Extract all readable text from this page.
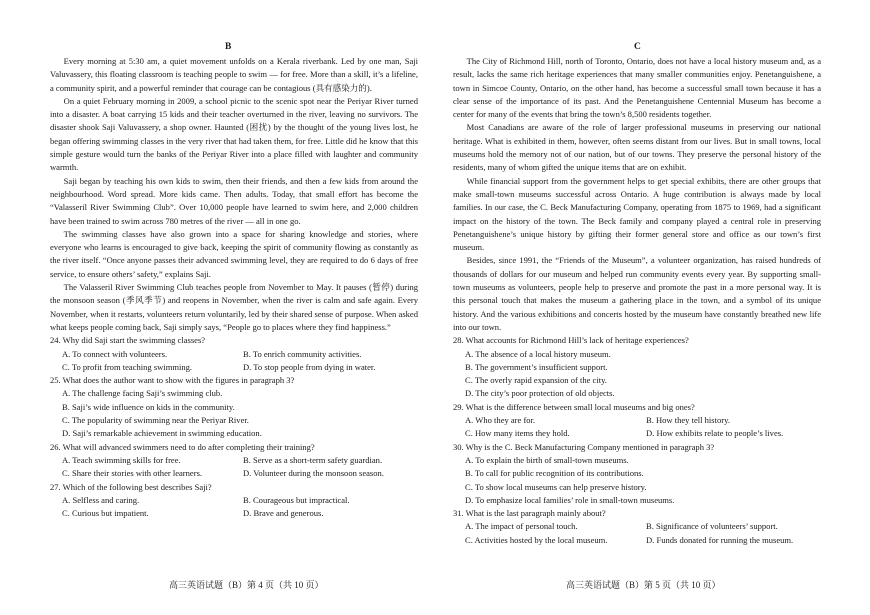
B	C

Every morning at 5:30 am, a quiet movement unfolds on a Kerala riverbank. Led by one man, Saji Valuvassery, this floating classroom is teaching people to swim — for free. More than a skill, it’s a lifeline, a community spirit, and a powerful reminder that courage can be contagious (具有感染力的).

On a quiet February morning in 2009, a school picnic to the scenic spot near the Periyar River turned into a disaster. A boat carrying 15 kids and their teacher overturned in the river, leaving no survivors. The disaster shook Saji Valuvassery, a shop owner. Haunted (困扰) by the thought of the young lives lost, he began offering swimming classes in the very river that had taken them, for free. Little did he know that this simple gesture would turn the banks of the Periyar River into a place filled with laughter and community warmth.

Saji began by teaching his own kids to swim, then their friends, and then a few kids from around the neighbourhood. Word spread. More kids came. Then adults. Today, that small effort has become the “Valasseril River Swimming Club”. Over 10,000 people have learned to swim here, and 2,000 children have been trained to swim across 780 metres of the river — all in one go.

The swimming classes have also grown into a space for sharing knowledge and stories, where everyone who learns is encouraged to give back, keeping the spirit of community flowing as constantly as the river itself. “Once anyone passes their advanced swimming level, they are required to do 6 days of free service, to ensure others’ safety,” explains Saji.

The Valasseril River Swimming Club teaches people from November to May. It pauses (暂停) during the monsoon season (季风季节) and reopens in November, when the river is calm and safe again. Every November, when it restarts, volunteers return voluntarily, led by their shared sense of purpose. When asked what keeps people coming back, Saji simply says, “People go to places where they find happiness.”

24. Why did Saji start the swimming classes?
A. To connect with volunteers.	B. To enrich community activities.
C. To profit from teaching swimming.	D. To stop people from dying in water.
25. What does the author want to show with the figures in paragraph 3?
A. The challenge facing Saji’s swimming club.
B. Saji’s wide influence on kids in the community.
C. The popularity of swimming near the Periyar River.
D. Saji’s remarkable achievement in swimming education.
26. What will advanced swimmers need to do after completing their training?
A. Teach swimming skills for free.	B. Serve as a short-term safety guardian.
C. Share their stories with other learners.	D. Volunteer during the monsoon season.
27. Which of the following best describes Saji?
A. Selfless and caring.	B. Courageous but impractical.
C. Curious but impatient.	D. Brave and generous.

The City of Richmond Hill, north of Toronto, Ontario, does not have a local history museum and, as a result, lacks the same rich heritage experiences that many smaller communities enjoy. Penetanguishene, a town in Simcoe County, Ontario, on the other hand, has become a successful small town because it has a clear sense of the importance of its past. And the Penetanguishene Centennial Museum has become a center for many of the events that bring the town’s 8,500 residents together.

Most Canadians are aware of the role of larger professional museums in preserving our national heritage. What is exhibited in them, however, often seems distant from our lives. But in small towns, local museums hold the memory not of our nation, but of our towns. They preserve the personal history of the residents, many of whom gifted the unique items that are on exhibit.

While financial support from the government helps to get special exhibits, there are other groups that make small-town museums successful across Ontario. A huge contribution is always made by local families. In our case, the C. Beck Manufacturing Company, operating from 1875 to 1969, had a significant impact on the history of the town. The Beck family and company played a central role in preserving Penetanguishene’s unique history by gifting their former general store and office as our town’s first museum.

Besides, since 1991, the “Friends of the Museum”, a volunteer organization, has raised hundreds of thousands of dollars for our museum and helped run community events every year. By supporting small-town museums as volunteers, people help to preserve and promote the past in a more personal way. It is this personal touch that makes the museum a gathering place in the town, and a symbol of its unique history. And the various exhibitions and concerts hosted by the museum have constantly breathed new life into our town.

28. What accounts for Richmond Hill’s lack of heritage experiences?
A. The absence of a local history museum.
B. The government’s insufficient support.
C. The overly rapid expansion of the city.
D. The city’s poor protection of old objects.
29. What is the difference between small local museums and big ones?
A. Who they are for.	B. How they tell history.
C. How many items they hold.	D. How exhibits relate to people’s lives.
30. Why is the C. Beck Manufacturing Company mentioned in paragraph 3?
A. To explain the birth of small-town museums.
B. To call for public recognition of its contributions.
C. To show local museums can help preserve history.
D. To emphasize local families’ role in small-town museums.
31. What is the last paragraph mainly about?
A. The impact of personal touch.	B. Significance of volunteers’ support.
C. Activities hosted by the local museum.	D. Funds donated for running the museum.
高三英语试题（B）第 4 页（共 10 页）	高三英语试题（B）第 5 页（共 10 页）
